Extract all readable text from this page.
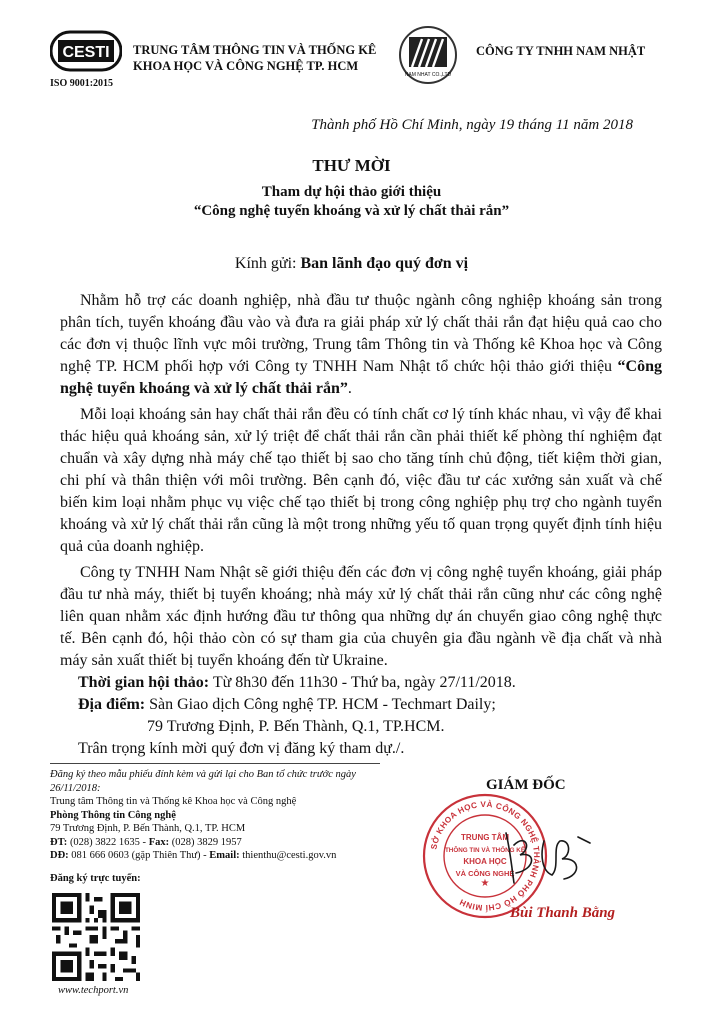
CESTI
ISO 9001:2015
TRUNG TÂM THÔNG TIN VÀ THỐNG KÊ
KHOA HỌC VÀ CÔNG NGHỆ TP. HCM
NAM NHAT CO.,LTD
CÔNG TY TNHH NAM NHẬT
Thành phố Hồ Chí Minh, ngày 19 tháng 11 năm 2018
THƯ MỜI
Tham dự hội thảo giới thiệu
“Công nghệ tuyển khoáng và xử lý chất thải rắn”
Kính gửi: Ban lãnh đạo quý đơn vị

Nhằm hỗ trợ các doanh nghiệp, nhà đầu tư thuộc ngành công nghiệp khoáng sản trong phân tích, tuyển khoáng đầu vào và đưa ra giải pháp xử lý chất thải rắn đạt hiệu quả cao cho các đơn vị thuộc lĩnh vực môi trường, Trung tâm Thông tin và Thống kê Khoa học và Công nghệ TP. HCM phối hợp với Công ty TNHH Nam Nhật tổ chức hội thảo giới thiệu “Công nghệ tuyển khoáng và xử lý chất thải rắn”.

Mỗi loại khoáng sản hay chất thải rắn đều có tính chất cơ lý tính khác nhau, vì vậy để khai thác hiệu quả khoáng sản, xử lý triệt để chất thải rắn cần phải thiết kế phòng thí nghiệm đạt chuẩn và xây dựng nhà máy chế tạo thiết bị sao cho tăng tính chủ động, tiết kiệm thời gian, chi phí và thân thiện với môi trường. Bên cạnh đó, việc đầu tư các xưởng sản xuất và chế biến kim loại nhằm phục vụ việc chế tạo thiết bị trong công nghiệp phụ trợ cho ngành tuyển khoáng và xử lý chất thải rắn cũng là một trong những yếu tố quan trọng quyết định tính hiệu quả của doanh nghiệp.

Công ty TNHH Nam Nhật sẽ giới thiệu đến các đơn vị công nghệ tuyển khoáng, giải pháp đầu tư nhà máy, thiết bị tuyển khoáng; nhà máy xử lý chất thải rắn cũng như các công nghệ liên quan nhằm xác định hướng đầu tư thông qua những dự án chuyển giao công nghệ thực tế. Bên cạnh đó, hội thảo còn có sự tham gia của chuyên gia đầu ngành về địa chất và nhà máy sản xuất thiết bị tuyển khoáng đến từ Ukraine.

Thời gian hội thảo: Từ 8h30 đến 11h30 - Thứ ba, ngày 27/11/2018.
Địa điểm: Sàn Giao dịch Công nghệ TP. HCM - Techmart Daily;
79 Trương Định, P. Bến Thành, Q.1, TP.HCM.
Trân trọng kính mời quý đơn vị đăng ký tham dự./.
Đăng ký theo mẫu phiếu đính kèm và gửi lại cho Ban tổ chức trước ngày 26/11/2018:
Trung tâm Thông tin và Thống kê Khoa học và Công nghệ
Phòng Thông tin Công nghệ
79 Trương Định, P. Bến Thành, Q.1, TP. HCM
ĐT: (028) 3822 1635 - Fax: (028) 3829 1957
DĐ: 081 666 0603 (gặp Thiên Thư) - Email: thienthu@cesti.gov.vn
Đăng ký trực tuyến:
www.techport.vn
GIÁM ĐỐC
SỞ KHOA HỌC VÀ CÔNG NGHỆ THÀNH PHỐ HỒ CHÍ MINH
TRUNG TÂM
THÔNG TIN VÀ THỐNG KÊ
KHOA HỌC
VÀ CÔNG NGHỆ
★
Bùi Thanh Bằng
